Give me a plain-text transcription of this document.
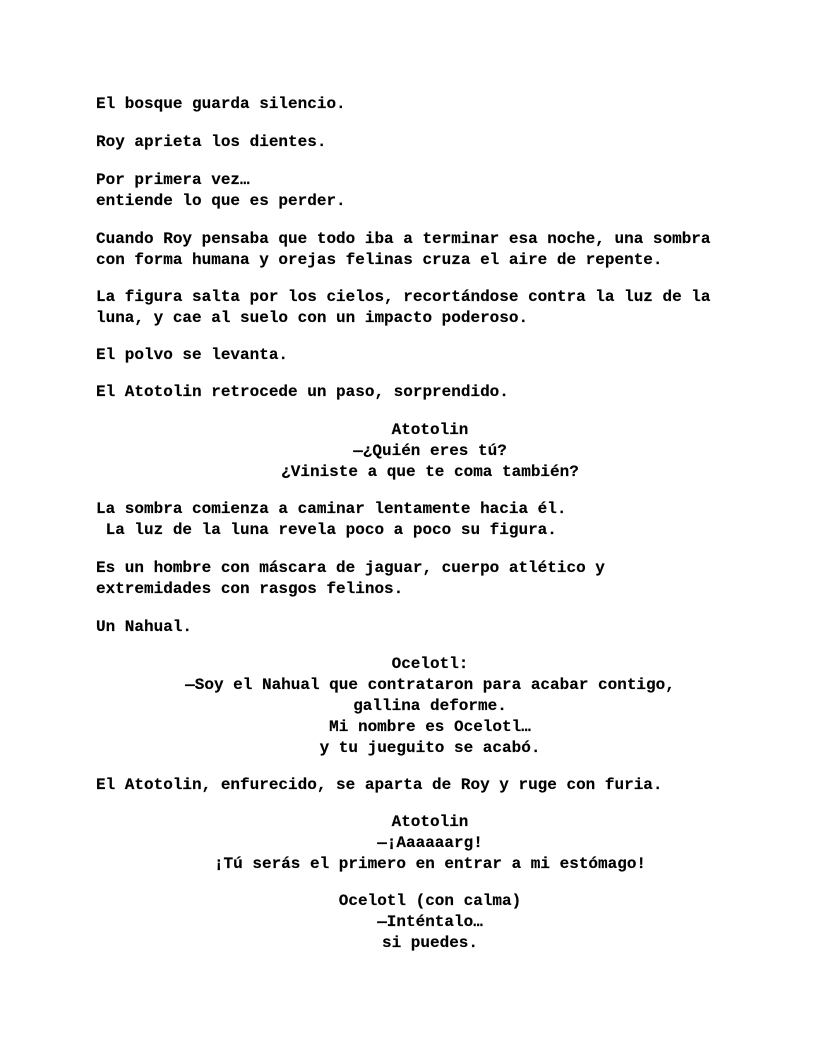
El bosque guarda silencio.

Roy aprieta los dientes.

Por primera vez…

entiende lo que es perder.

Cuando Roy pensaba que todo iba a terminar esa noche, una sombra

con forma humana y orejas felinas cruza el aire de repente.

La figura salta por los cielos, recortándose contra la luz de la

luna, y cae al suelo con un impacto poderoso.

El polvo se levanta.

El Atotolin retrocede un paso, sorprendido.

Atotolin

—¿Quién eres tú?

¿Viniste a que te coma también?

La sombra comienza a caminar lentamente hacia él.

La luz de la luna revela poco a poco su figura.

Es un hombre con máscara de jaguar, cuerpo atlético y

extremidades con rasgos felinos.

Un Nahual.

Ocelotl:

—Soy el Nahual que contrataron para acabar contigo,

gallina deforme.

Mi nombre es Ocelotl…

y tu jueguito se acabó.

El Atotolin, enfurecido, se aparta de Roy y ruge con furia.

Atotolin

—¡Aaaaaarg!

¡Tú serás el primero en entrar a mi estómago!

Ocelotl (con calma)

—Inténtalo…

si puedes.
